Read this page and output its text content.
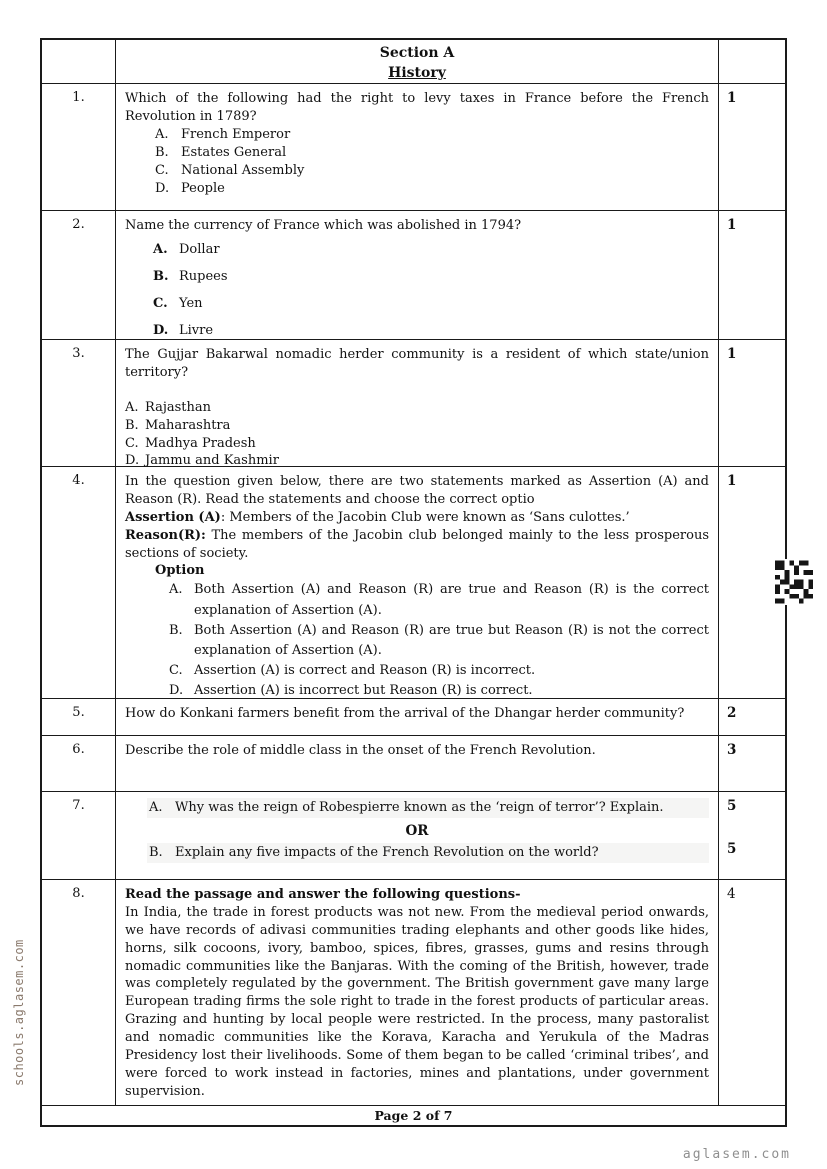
schools.aglasem.com
Section A
History
1.	Which of the following had the right to levy taxes in France before the French Revolution in 1789?

A. French Emperor
B. Estates General
C. National Assembly
D. People
1
2.	Name the currency of France which was abolished in 1794?

A. Dollar
B. Rupees
C. Yen
D. Livre
1
3.	The Gujjar Bakarwal nomadic herder community is a resident of which state/union territory?

A. Rajasthan
B. Maharashtra
C. Madhya Pradesh
D. Jammu and Kashmir
1
4.	In the question given below, there are two statements marked as Assertion (A) and Reason (R). Read the statements and choose the correct optio

Assertion (A): Members of the Jacobin Club were known as ‘Sans culottes.’

Reason(R): The members of the Jacobin club belonged mainly to the less prosperous sections of society.

Option
A. Both Assertion (A) and Reason (R) are true and Reason (R) is the correct explanation of Assertion (A).
B. Both Assertion (A) and Reason (R) are true but Reason (R) is not the correct explanation of Assertion (A).
C. Assertion (A) is correct and Reason (R) is incorrect.
D. Assertion (A) is incorrect but Reason (R) is correct.
1
5.	How do Konkani farmers benefit from the arrival of the Dhangar herder community?	2
6.	Describe the role of middle class in the onset of the French Revolution.	3
7.	A. Why was the reign of Robespierre known as the ‘reign of terror’? Explain.
OR
B. Explain any five impacts of the French Revolution on the world?
5
5
8.	Read the passage and answer the following questions-

In India, the trade in forest products was not new. From the medieval period onwards, we have records of adivasi communities trading elephants and other goods like hides, horns, silk cocoons, ivory, bamboo, spices, fibres, grasses, gums and resins through nomadic communities like the Banjaras. With the coming of the British, however, trade was completely regulated by the government. The British government gave many large European trading firms the sole right to trade in the forest products of particular areas. Grazing and hunting by local people were restricted. In the process, many pastoralist and nomadic communities like the Korava, Karacha and Yerukula of the Madras Presidency lost their livelihoods. Some of them began to be called ‘criminal tribes’, and were forced to work instead in factories, mines and plantations, under government supervision.

4
Page 2 of 7
aglasem.com
